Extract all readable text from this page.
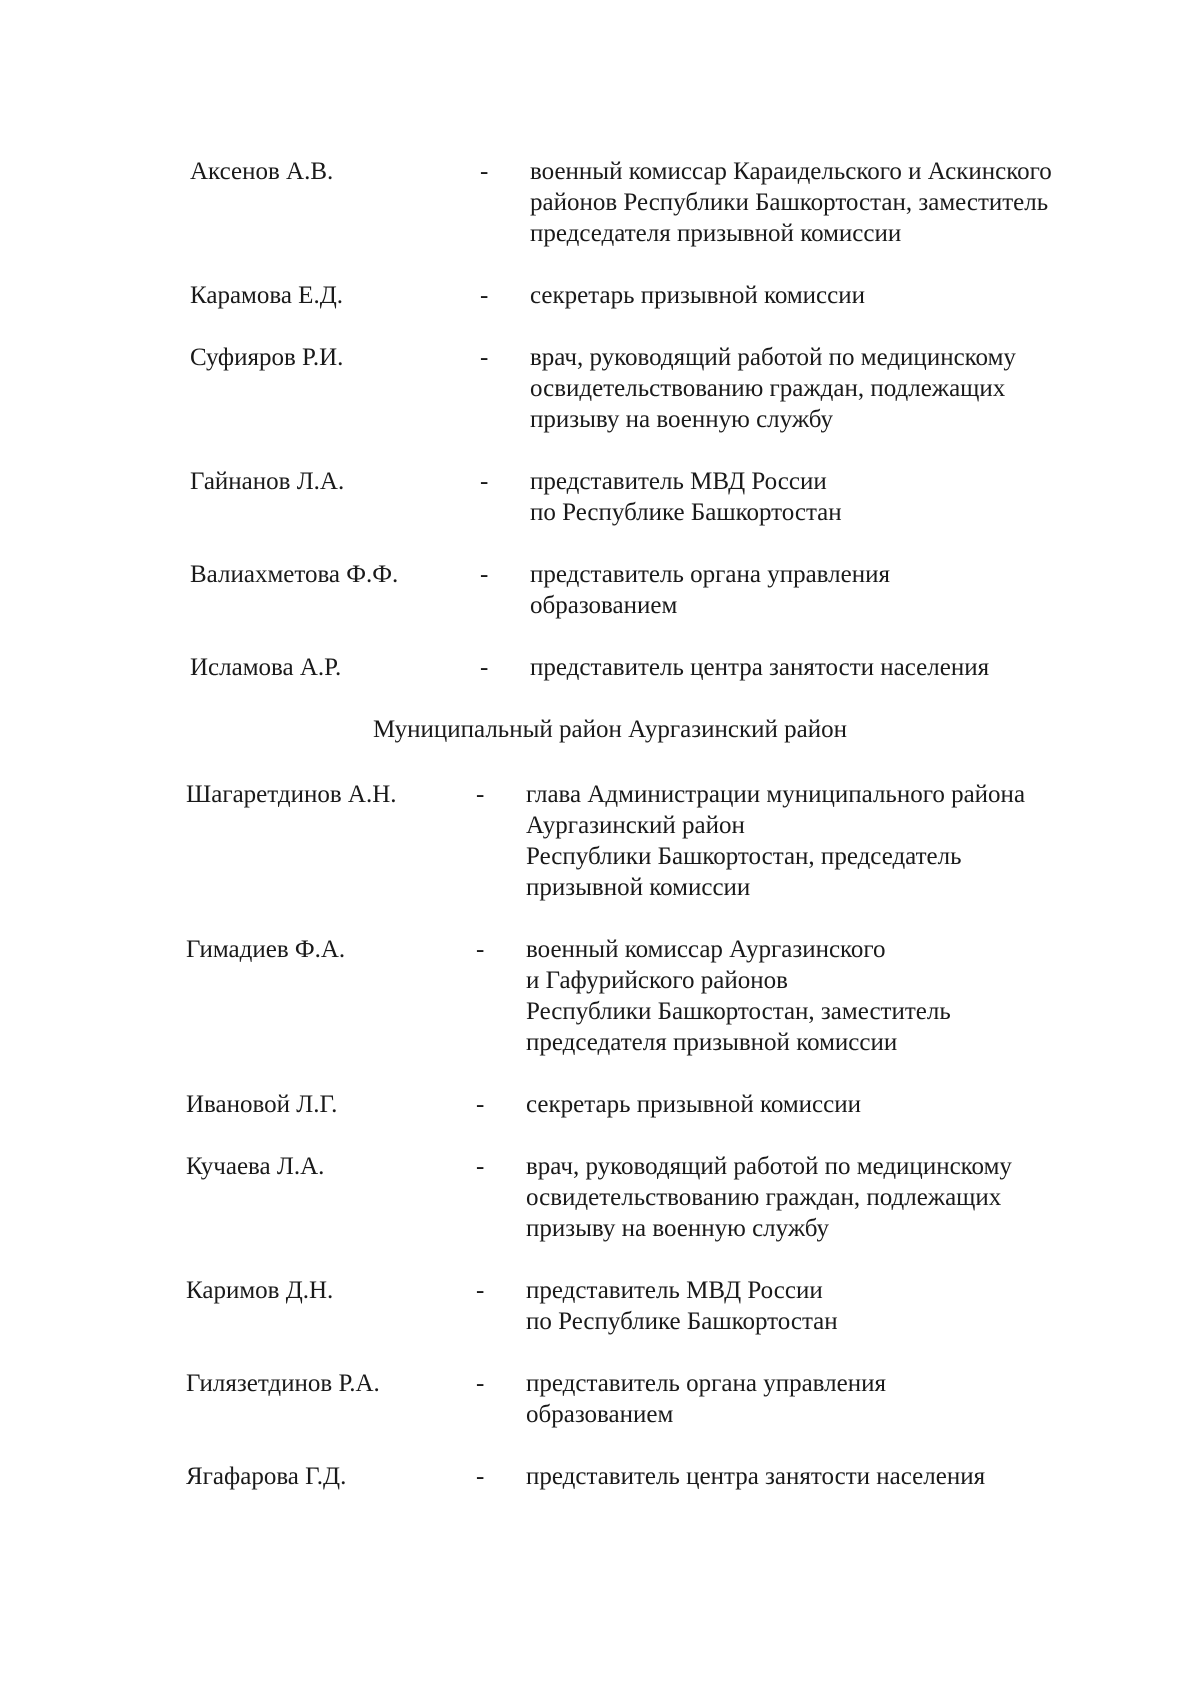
Аксенов А.В.	-	военный комиссар Караидельского и Аскинского
районов Республики Башкортостан, заместитель
председателя призывной комиссии
Карамова Е.Д.	-	секретарь призывной комиссии
Суфияров Р.И.	-	врач, руководящий работой по медицинскому
освидетельствованию граждан, подлежащих
призыву на военную службу
Гайнанов Л.А.	-	представитель МВД России
по Республике Башкортостан
Валиахметова Ф.Ф.	-	представитель органа управления
образованием
Исламова А.Р.	-	представитель центра занятости населения
Муниципальный район Аургазинский район
Шагаретдинов А.Н.	-	глава Администрации муниципального района
Аургазинский район
Республики Башкортостан, председатель
призывной комиссии
Гимадиев Ф.А.	-	военный комиссар Аургазинского
и Гафурийского районов
Республики Башкортостан, заместитель
председателя призывной комиссии
Ивановой Л.Г.	-	секретарь призывной комиссии
Кучаева Л.А.	-	врач, руководящий работой по медицинскому
освидетельствованию граждан, подлежащих
призыву на военную службу
Каримов Д.Н.	-	представитель МВД России
по Республике Башкортостан
Гилязетдинов Р.А.	-	представитель органа управления
образованием
Ягафарова Г.Д.	-	представитель центра занятости населения
